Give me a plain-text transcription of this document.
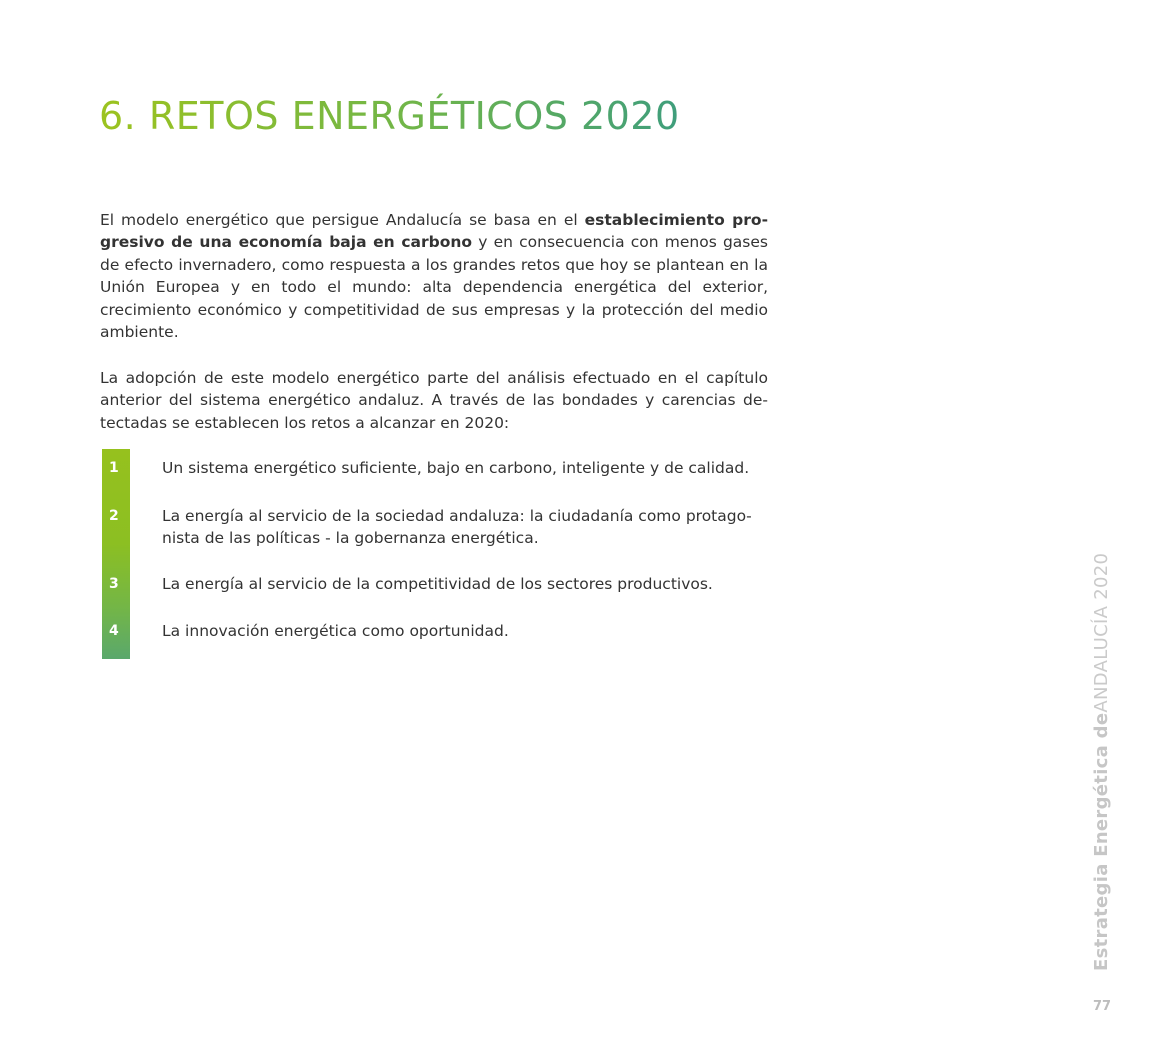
6. RETOS ENERGÉTICOS 2020

El modelo energético que persigue Andalucía se basa en el establecimiento progresivo de una economía baja en carbono y en consecuencia con menos gases de efecto invernadero, como respuesta a los grandes retos que hoy se plantean en la Unión Europea y en todo el mundo: alta dependencia energética del exterior, crecimiento económico y competitividad de sus empresas y la protección del medio ambiente.

La adopción de este modelo energético parte del análisis efectuado en el capítulo anterior del sistema energético andaluz. A través de las bondades y carencias detectadas se establecen los retos a alcanzar en 2020:

1	Un sistema energético suficiente, bajo en carbono, inteligente y de calidad.
2	La energía al servicio de la sociedad andaluza: la ciudadanía como protagonista de las políticas - la gobernanza energética.
3	La energía al servicio de la competitividad de los sectores productivos.
4	La innovación energética como oportunidad.
Estrategia Energética deANDALUCÍA 2020
77
